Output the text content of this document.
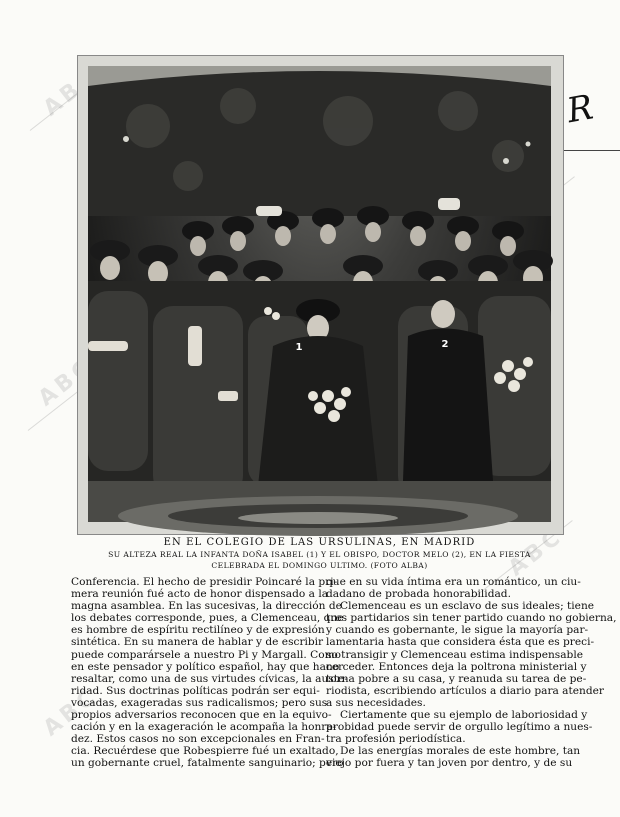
ABC
ABC
ABC
ABC
R
1	2
EN EL COLEGIO DE LAS URSULINAS, EN MADRID
SU ALTEZA REAL LA INFANTA DOÑA ISABEL (1) Y EL OBISPO, DOCTOR MELO (2), EN LA FIESTA
CELEBRADA EL DOMINGO ULTIMO. (FOTO ALBA)
Conferencia. El hecho de presidir Poincaré la pri-
mera reunión fué acto de honor dispensado a la
magna asamblea. En las sucesivas, la dirección de
los debates corresponde, pues, a Clemenceau, que
es hombre de espíritu rectilíneo y de expresión
sintética. En su manera de hablar y de escribir
puede comparársele a nuestro Pi y Margall. Como
en este pensador y político español, hay que hacer
resaltar, como una de sus virtudes cívicas, la auste-
ridad. Sus doctrinas políticas podrán ser equi-
vocadas, exageradas sus radicalismos; pero sus
propios adversarios reconocen que en la equivo-
cación y en la exageración le acompaña la honra-
dez. Estos casos no son excepcionales en Fran-
cia. Recuérdese que Robespierre fué un exaltado,
un gobernante cruel, fatalmente sanguinario; pero
que en su vida íntima era un romántico, un ciu-
dadano de probada honorabilidad.
Clemenceau es un esclavo de sus ideales; tiene
tres partidarios sin tener partido cuando no gobierna,
y cuando es gobernante, le sigue la mayoría par-
lamentaria hasta que considera ésta que es preci-
so transigir y Clemenceau estima indispensable
no ceder. Entonces deja la poltrona ministerial y
torna pobre a su casa, y reanuda su tarea de pe-
riodista, escribiendo artículos a diario para atender
a sus necesidades.
Ciertamente que su ejemplo de laboriosidad y
probidad puede servir de orgullo legítimo a nues-
tra profesión periodística.
De las energías morales de este hombre, tan
viejo por fuera y tan joven por dentro, y de su
